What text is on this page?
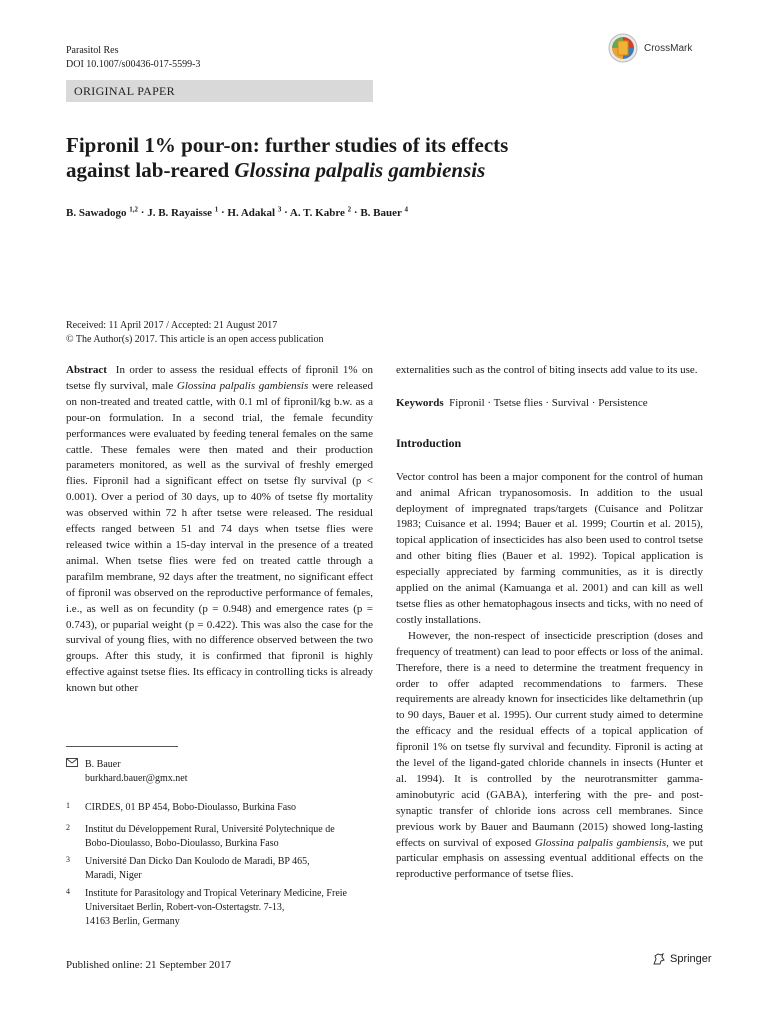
Parasitol Res
DOI 10.1007/s00436-017-5599-3
CrossMark
ORIGINAL PAPER
Fipronil 1% pour-on: further studies of its effects
against lab-reared Glossina palpalis gambiensis
B. Sawadogo $^{1,2}$ · J. B. Rayaisse $^1$ · H. Adakal $^3$ · A. T. Kabre $^2$ · B. Bauer $^4$
Received: 11 April 2017 / Accepted: 21 August 2017
© The Author(s) 2017. This article is an open access publication

Abstract In order to assess the residual effects of fipronil 1% on tsetse fly survival, male Glossina palpalis gambiensis were released on non-treated and treated cattle, with 0.1 ml of fipronil/kg b.w. as a pour-on formulation. In a second trial, the female fecundity performances were evaluated by feeding teneral females on the same cattle. These females were then mated and their production parameters monitored, as well as the survival of freshly emerged flies. Fipronil had a significant effect on tsetse fly survival (p < 0.001). Over a period of 30 days, up to 40% of tsetse fly mortality was observed within 72 h after tsetse were released. The residual effects ranged between 51 and 74 days when tsetse flies were released twice within a 15-day interval in the presence of a treated animal. When tsetse flies were fed on treated cattle through a parafilm membrane, 92 days after the treatment, no significant effect of fipronil was observed on the reproductive performance of females, i.e., as well as on fecundity (p = 0.948) and emergence rates (p = 0.743), or puparial weight (p = 0.422). This was also the case for the survival of young flies, with no difference observed between the two groups. After this study, it is confirmed that fipronil is highly effective against tsetse flies. Its efficacy in controlling ticks is already known but other

externalities such as the control of biting insects add value to its use.

Keywords Fipronil · Tsetse flies · Survival · Persistence

Introduction

Vector control has been a major component for the control of human and animal African trypanosomosis. In addition to the usual deployment of impregnated traps/targets (Cuisance and Politzar 1983; Cuisance et al. 1994; Bauer et al. 1999; Courtin et al. 2015), topical application of insecticides has also been used to control tsetse and other biting flies (Bauer et al. 1992). Topical application is especially appreciated by farming communities, as it is directly applied on the animal (Kamuanga et al. 2001) and can kill as well tsetse flies as other hematophagous insects and ticks, with no need of costly installations.

However, the non-respect of insecticide prescription (doses and frequency of treatment) can lead to poor effects or loss of the animal. Therefore, there is a need to determine the treatment frequency in order to offer adapted recommendations to farmers. These requirements are already known for insecticides like deltamethrin (up to 90 days, Bauer et al. 1995). Our current study aimed to determine the efficacy and the residual effects of a topical application of fipronil 1% on tsetse fly survival and fecundity. Fipronil is acting at the level of the ligand-gated chloride channels in insects (Hunter et al. 1994). It is controlled by the neurotransmitter gamma-aminobutyric acid (GABA), interfering with the pre- and post-synaptic transfer of chloride ions across cell membranes. Since previous work by Bauer and Baumann (2015) showed long-lasting effects on survival of exposed Glossina palpalis gambiensis, we put particular emphasis on assessing eventual additional effects on the reproductive performance of tsetse flies.

B. Bauer
burkhard.bauer@gmx.net
1 CIRDES, 01 BP 454, Bobo-Dioulasso, Burkina Faso
2 Institut du Développement Rural, Université Polytechnique de
Bobo-Dioulasso, Bobo-Dioulasso, Burkina Faso
3 Université Dan Dicko Dan Koulodo de Maradi, BP 465,
Maradi, Niger
4 Institute for Parasitology and Tropical Veterinary Medicine, Freie
Universitaet Berlin, Robert-von-Ostertagstr. 7-13,
14163 Berlin, Germany
Published online: 21 September 2017	Springer
